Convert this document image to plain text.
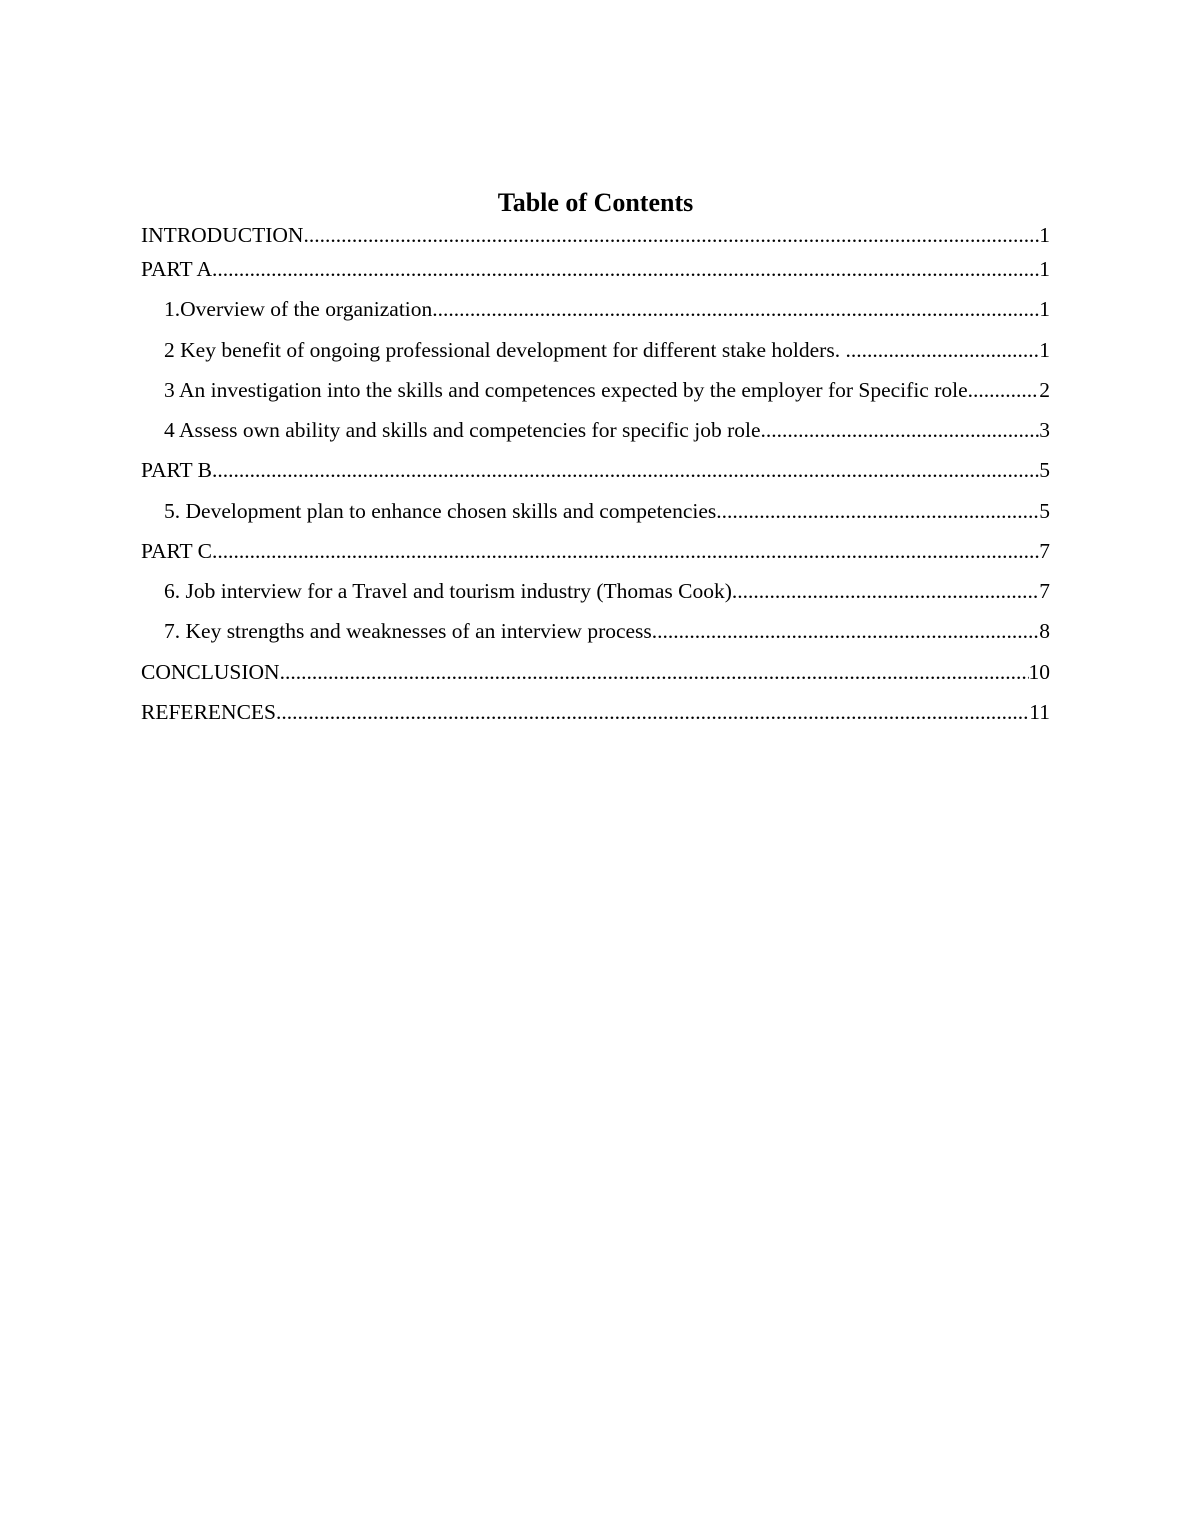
Table of Contents
INTRODUCTION .....	1
PART A .....	1
1.Overview of the organization .....	1
2 Key benefit of ongoing professional development for different stake holders. .....	1
3 An investigation into the skills and competences expected by the employer for Specific role .....	2
4 Assess own ability and skills and competencies for specific job role .....	3
PART B .....	5
5. Development plan to enhance chosen skills and competencies .....	5
PART C .....	7
6. Job interview for a Travel and tourism industry (Thomas Cook) .....	7
7. Key strengths and weaknesses of an interview process .....	8
CONCLUSION .....	10
REFERENCES .....	11
